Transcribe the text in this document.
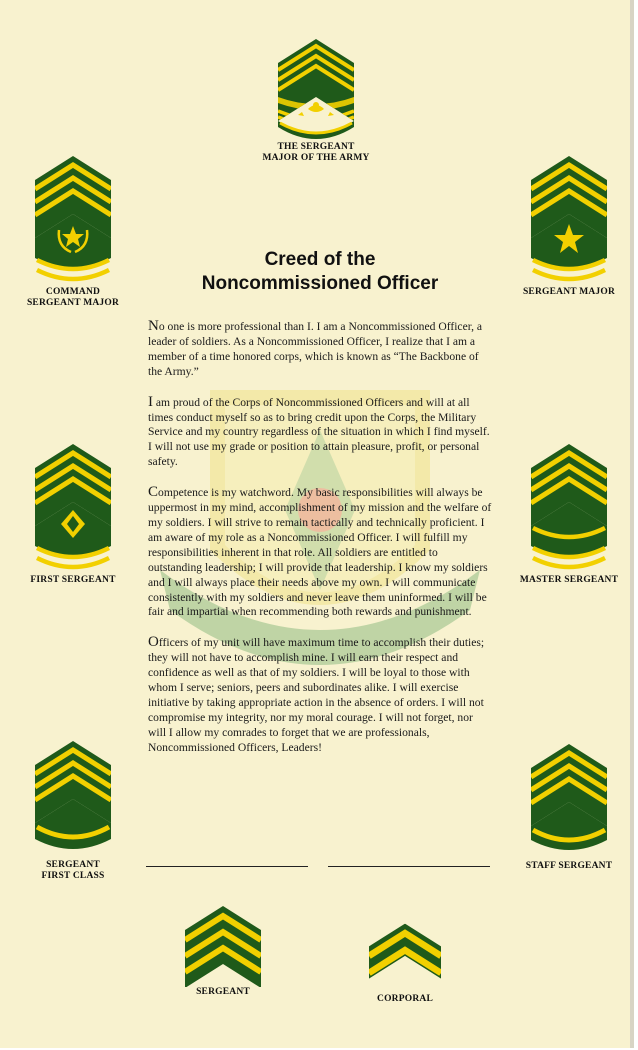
THE SERGEANT
MAJOR OF THE ARMY
COMMAND
SERGEANT MAJOR
SERGEANT MAJOR
FIRST SERGEANT	MASTER SERGEANT
SERGEANT
FIRST CLASS
STAFF SERGEANT
SERGEANT
CORPORAL
Creed of the
Noncommissioned Officer

No one is more professional than I. I am a Noncommissioned Officer, a leader of soldiers. As a Noncommissioned Officer, I realize that I am a member of a time honored corps, which is known as “The Backbone of the Army.”

I am proud of the Corps of Noncommissioned Officers and will at all times conduct myself so as to bring credit upon the Corps, the Military Service and my country regardless of the situation in which I find myself. I will not use my grade or position to attain pleasure, profit, or personal safety.

Competence is my watchword. My basic responsibilities will always be uppermost in my mind, accomplishment of my mission and the welfare of my soldiers. I will strive to remain tactically and technically proficient. I am aware of my role as a Noncommissioned Officer. I will fulfill my responsibilities inherent in that role. All soldiers are entitled to outstanding leadership; I will provide that leadership. I know my soldiers and I will always place their needs above my own. I will communicate consistently with my soldiers and never leave them uninformed. I will be fair and impartial when recommending both rewards and punishment.

Officers of my unit will have maximum time to accomplish their duties; they will not have to accomplish mine. I will earn their respect and confidence as well as that of my soldiers. I will be loyal to those with whom I serve; seniors, peers and subordinates alike. I will exercise initiative by taking appropriate action in the absence of orders. I will not compromise my integrity, nor my moral courage. I will not forget, nor will I allow my comrades to forget that we are professionals, Noncommissioned Officers, Leaders!
